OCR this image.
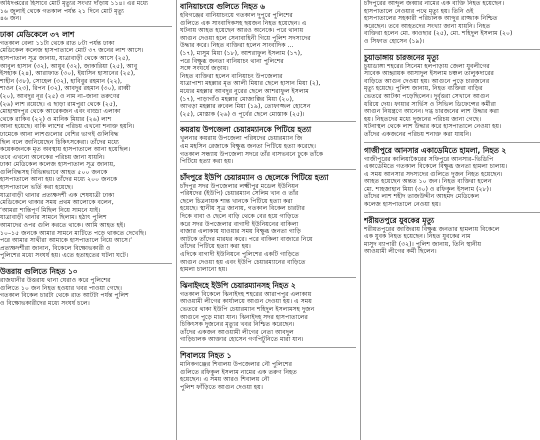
অধিদপ্তরের হিসাবে মোট মৃত্যুর সংখ্যা দাঁড়ায় ১১৪। এর মধ্যে

১৬ জুলাই থেকে গতকাল পর্যন্ত ২১ দিনে মোট মৃত্যু

৪৬ জন।

ঢাকা মেডিকেলে ৩৭ লাশ

গতকাল বেলা ১১টা থেকে রাত ৮টা পর্যন্ত ঢাকা

মেডিকেল কলেজ হাসপাতালে মোট ৩৭ জনের লাশ আসে।

হাসপাতাল সূত্র জানায়, যাত্রাবাড়ী থেকে আসে (২৫),

আবুল হাসান (৩২), আয়ুব (৩২), জাকারিয়া (২৫), আবু

ইসহাক (২৪), আরাফাত (৩০), ইয়াসিন হাসানের (২৫),

শাহীন (৩৮), সোহেল (৩২), হাবিবুর রহমান (২২),

শাওন (২৩), রিপন (৩২), আবদুর রহমান (৩০), রাব্বী

(২০), আবদুর নূর (২৫) ও নাম না–জানা তরুণের

(২৬) লাশ রয়েছে। এ ছাড়া রামপুরা থেকে (২৫),

মোহাম্মদপুর থেকে আরেকজন এবং বাড্ডা এলাকা

থেকে রাকিব (২২) ও মানিক মিয়ার (২৬) লাশ

আনা হয়েছে। বাকি লাশের পরিচয় এখনো শনাক্ত হয়নি।

ঢামেকে আনা লাশগুলোর বেশির ভাগই গুলিবিদ্ধ

ছিল বলে জানিয়েছেন চিকিৎসকেরা। তাঁদের মধ্যে

কয়েকজনকে মৃত অবস্থায় হাসপাতালে আনা হয়েছিল।

তবে এখনো অনেকের পরিচয় জানা যায়নি।

ঢাকা মেডিকেল কলেজ হাসপাতাল সূত্র জানায়,

গুলিবিদ্ধসহ বিভিন্নভাবে আহত ৫০০ জনকে

হাসপাতালে আনা হয়। তাঁদের মধ্যে ২০০ জনকে

হাসপাতালে ভর্তি করা হয়েছে।

যাত্রাবাড়ী থানার প্রত্যক্ষদর্শী এক শেষযাত্রী ঢাকা

মেডিকেলে থাকার সময় প্রথম আলোকে বলেন,

‘আমরা শান্তিপূর্ণ মিছিল নিয়ে সামনে যাই।

যাত্রাবাড়ী থানার সামনে ছিলাম। হঠাৎ পুলিশ

আমাদের ওপর গুলি করতে থাকে। আমি আহত হই।

১০–১৫ জনকে আমার সামনে মাটিতে পড়ে থাকতে দেখেছি।

পরে আমার সাথীরা আমাকে হাসপাতালে নিয়ে আসে।’

প্রত্যক্ষদর্শীরা জানান, বিকেলে বিক্ষোভকারী ও

পুলিশের মধ্যে সংঘর্ষ হয়। এতে হতাহতের ঘটনা ঘটে।

উত্তরায় গুলিতে নিহত ১০

রাজধানীর উত্তরায় থানা ঘেরাও করে পুলিশের

গুলিতে ১০ জন নিহত হওয়ার খবর পাওয়া গেছে।

গতকাল বিকেল চারটা থেকে রাত আটটা পর্যন্ত পুলিশ

ও বিক্ষোভকারীদের মধ্যে সংঘর্ষ চলে।

বানিয়াচংয়ে গুলিতে নিহত ৬

হবিগঞ্জের বানিয়াচংয়ে গতকাল দুপুরে পুলিশের

গুলিতে এক সাংবাদিকসহ ছয়জন নিহত হয়েছেন। এ

ঘটনায় আহত হয়েছেন আরও অনেকে। পরে থানায়

আগুন দেওয়া হলে সেনাবাহিনী গিয়ে পুলিশ সদস্যদের

উদ্ধার করে। নিহত ব্যক্তিরা হলেন সাংবাদিক ...

(১৭), মাসুম মিয়া (১৮), আশরাফুল ইসলাম (১৭),

পরে বিক্ষুব্ধ জনতা বানিয়াচং থানা পুলিশের

সঙ্গে সংঘর্ষে জড়ায়।

নিহত ব্যক্তিরা হলেন বানিয়াচং উপজেলার

যাত্রাপাশা মহল্লার মৃত আলী মিয়ার ছেলে হাসান মিয়া (২),

মধ্যের মহল্লার আবদুর নুরের ছেলে আশরাফুল ইসলাম

(১৭), পাড়াগাঁও মহল্লার মোজাক্কির মিয়া (২০),

আখড়া মহল্লার রুবেল মিয়া (১৯), তোফাজ্জল হোসেন

(২৫), মোস্তাক (২৬) ও পূর্বের ছেলে মোস্তাক (২৫)।

কয়রায় উপজেলা চেয়ারম্যানকে পিটিয়ে হত্যা

খুলনার কয়রায় উপজেলা পরিষদের চেয়ারম্যান জি

এম মহসিন রেজাকে বিক্ষুব্ধ জনতা পিটিয়ে হত্যা করেছে।

গতকাল সন্ধ্যায় উপজেলা সদরে তাঁর বাসভবনে ঢুকে তাঁকে

পিটিয়ে হত্যা করা হয়।

চাঁদপুরে ইউপি চেয়ারম্যান ও ছেলেকে পিটিয়ে হত্যা

চাঁদপুর সদর উপজেলার লক্ষ্মীপুর মডেল ইউনিয়ন

পরিষদের (ইউপি) চেয়ারম্যান সেলিম খান ও তাঁর

ছেলে চিত্রনায়ক শান্ত খানকে পিটিয়ে হত্যা করা

হয়েছে। স্থানীয় সূত্র জানায়, গতকাল বিকেল চারটার

দিকে বাবা ও ছেলে বাড়ি থেকে বের হয়ে গাড়িতে

করে সদর উপজেলার বাগাদী ইউনিয়নের বাকিলা

বাজার এলাকায় যাওয়ার সময় বিক্ষুব্ধ জনতা গাড়ি

আটকে তাঁদের মারধর করে। পরে বাকিলা বাজারে নিয়ে

তাঁদের পিটিয়ে হত্যা করা হয়।

এদিকে বাগাদী ইউনিয়নে পুলিশের একটি গাড়িতে

আগুন দেওয়া হয় এবং ইউপি চেয়ারম্যানের বাড়িতে

হামলা চালানো হয়।

ঝিনাইদহে ইউপি চেয়ারম্যানসহ নিহত ২

গতকাল বিকেলে ঝিনাইদহ শহরের আরাপপুর এলাকায়

আওয়ামী লীগের কার্যালয়ে আগুন দেওয়া হয়। এ সময়

ভেতরে থাকা ইউপি চেয়ারম্যান শহিদুল ইসলামসহ দুজন

আগুনে পুড়ে মারা যান। ঝিনাইদহ সদর হাসপাতালের

চিকিৎসক দুজনের মৃত্যুর খবর নিশ্চিত করেছেন।

তাঁদের একজন আওয়ামী লীগের নেতা আবদুল

গাড়িচালক আক্তার হোসেন গণপিটুনিতে মারা যান।

শিবালয়ে নিহত ১

মানিকগঞ্জের শিবালয় উপজেলার নৌ পুলিশের

গুলিতে রফিকুল ইসলাম নামের এক তরুণ নিহত

হয়েছেন। এ সময় আরও শিবালয় নৌ

পুলিশ ফাঁড়িতে আগুন দেওয়া হয়।

চাঁদপুরের আব্দুল জব্বার নামের এক ব্যক্তি নিহত হয়েছেন।

হাসপাতালে নেওয়ার পথে মৃত্যু হয়। তিনি ওই

হাসপাতালের সহকারী পরিচালক আব্দুর রাজ্জাক নিশ্চিত

করেছেন। তবে আহতদের সংখ্যা জানা যায়নি। নিহত

ব্যক্তিরা হলেন মো. কাওছার (২৫), মো. শহিদুল ইসলাম (২০)

ও সিফাত হোসেন (১৯)।

চুয়াডাঙ্গায় চারজনের মৃত্যু

চুয়াডাঙ্গা শহরের সিনেমা হলপাড়ায় জেলা যুবলীগের

সাবেক আহ্বায়ক আসাদুল ইসলাম চঞ্চল তালুকদারের

বাড়িতে আগুন দেওয়া হয়। আগুনে পুড়ে চারজনের

মৃত্যু হয়েছে। পুলিশ জানায়, নিহত ব্যক্তিরা বাড়ির

ভেতরে আটকা পড়েছিলেন। দুর্বৃত্তরা সেখানে আগুন

ধরিয়ে দেয়। ফায়ার সার্ভিস ও সিভিল ডিফেন্সের কর্মীরা

আগুন নিয়ন্ত্রণে আনেন। দগ্ধ চারজনের লাশ উদ্ধার করা

হয়। নিহতদের মধ্যে দুজনের পরিচয় জানা গেছে।

ঘটনাস্থল থেকে লাশ উদ্ধার করে হাসপাতালে নেওয়া হয়।

তাঁদের একজনের পরিচয় শনাক্ত করা যায়নি।

গাজীপুরে আনসার একাডেমিতে হামলা, নিহত ২

গাজীপুরের কালিয়াকৈরের সফিপুরে আনসার–ভিডিপি

একাডেমিতে গতকাল বিকেলে বিক্ষুব্ধ জনতা হামলা চালায়।

এ সময় আনসার সদস্যদের গুলিতে দুজন নিহত হয়েছেন।

আহত হয়েছেন অন্তত ১০ জন। নিহত ব্যক্তিরা হলেন

মো. শাহজাহান মিয়া (৩০) ও রফিকুল ইসলাম (২৮)।

তাঁদের লাশ শহীদ তাজউদ্দীন আহমদ মেডিকেল

কলেজ হাসপাতালে নেওয়া হয়।

শরীয়তপুরে যুবকের মৃত্যু

শরীয়তপুরের জাজিরায় বিক্ষুব্ধ জনতার হামলায় বিকেলে

এক যুবক নিহত হয়েছেন। নিহত যুবকের নাম

মাসুদ ব্যাপারী (৩২)। পুলিশ জানায়, তিনি স্থানীয়

আওয়ামী লীগের কর্মী ছিলেন।
